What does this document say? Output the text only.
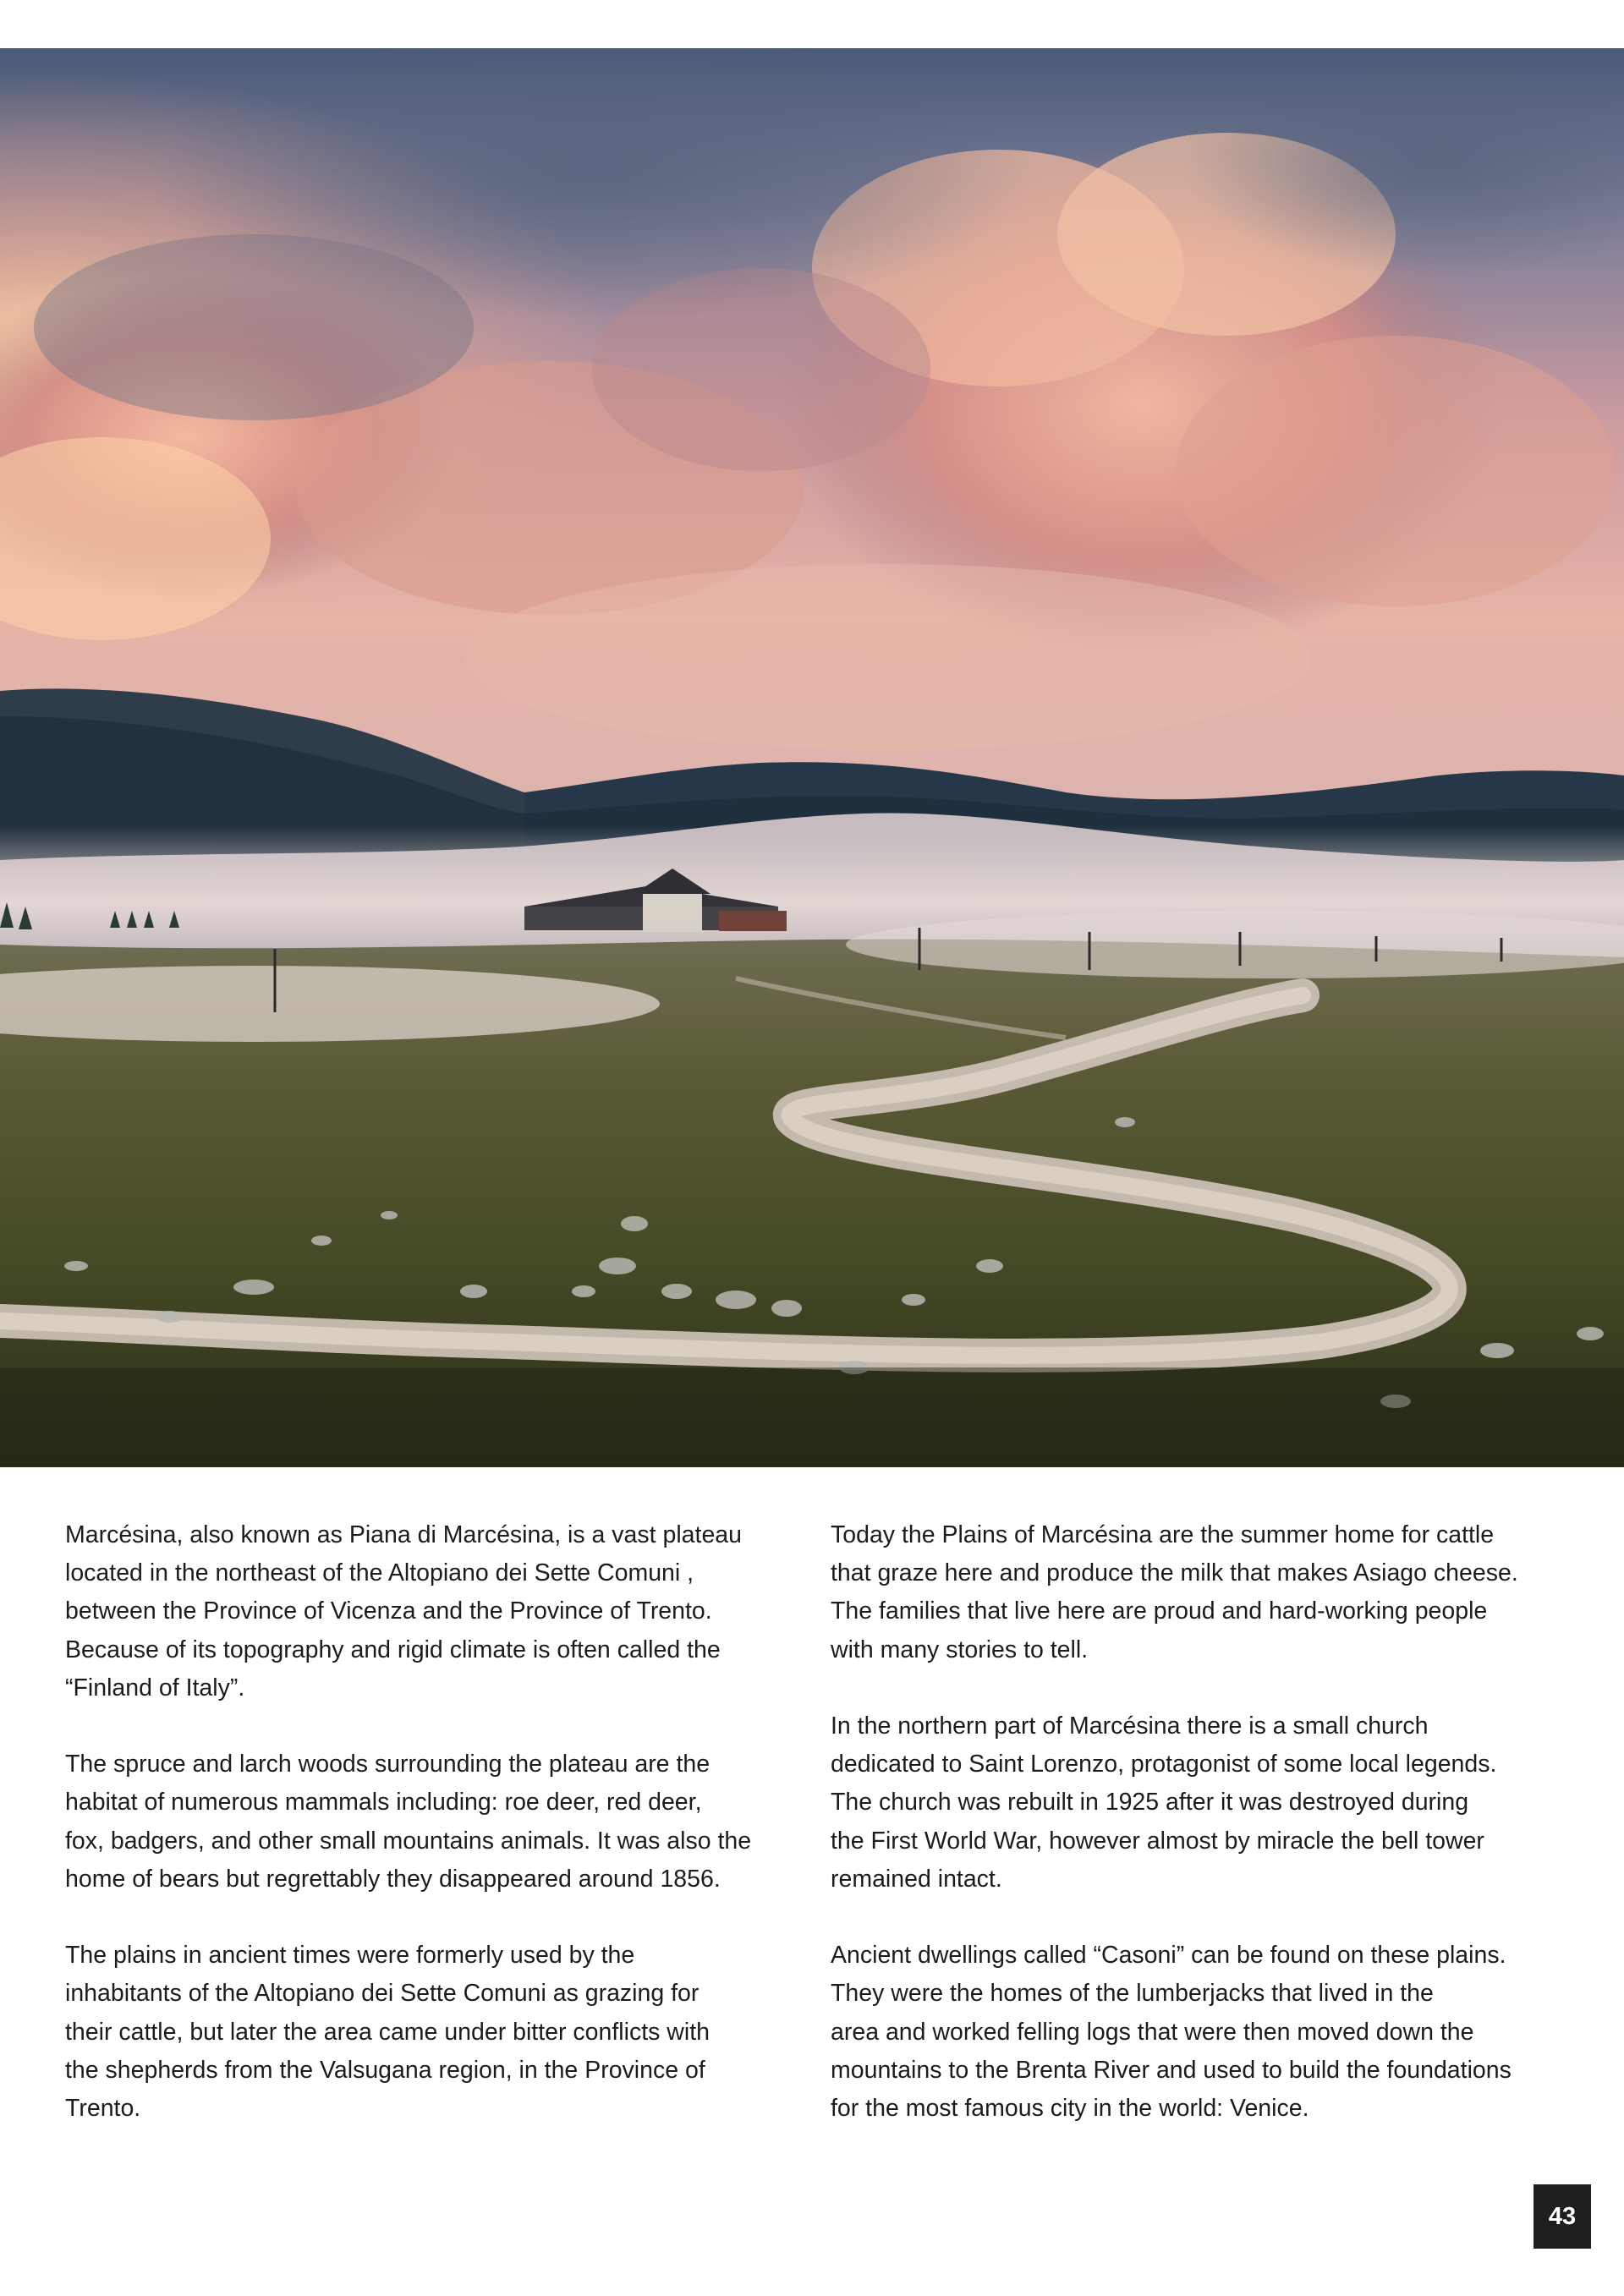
Marcésina, also known as Piana di Marcésina, is a vast plateau
located in the northeast of the Altopiano dei Sette Comuni ,
between the Province of Vicenza and the Province of Trento.
Because of its topography and rigid climate is often called the
“Finland of Italy”.

The spruce and larch woods surrounding the plateau are the
habitat of numerous mammals including: roe deer, red deer,
fox, badgers, and other small mountains animals. It was also the
home of bears but regrettably they disappeared around 1856.

The plains in ancient times were formerly used by the
inhabitants of the Altopiano dei Sette Comuni as grazing for
their cattle, but later the area came under bitter conflicts with
the shepherds from the Valsugana region, in the Province of
Trento.

Today the Plains of Marcésina are the summer home for cattle
that graze here and produce the milk that makes Asiago cheese.
The families that live here are proud and hard-working people
with many stories to tell.

In the northern part of Marcésina there is a small church
dedicated to Saint Lorenzo, protagonist of some local legends.
The church was rebuilt in 1925 after it was destroyed during
the First World War, however almost by miracle the bell tower
remained intact.

Ancient dwellings called “Casoni” can be found on these plains.
They were the homes of the lumberjacks that lived in the
area and worked felling logs that were then moved down the
mountains to the Brenta River and used to build the foundations
for the most famous city in the world: Venice.

43
